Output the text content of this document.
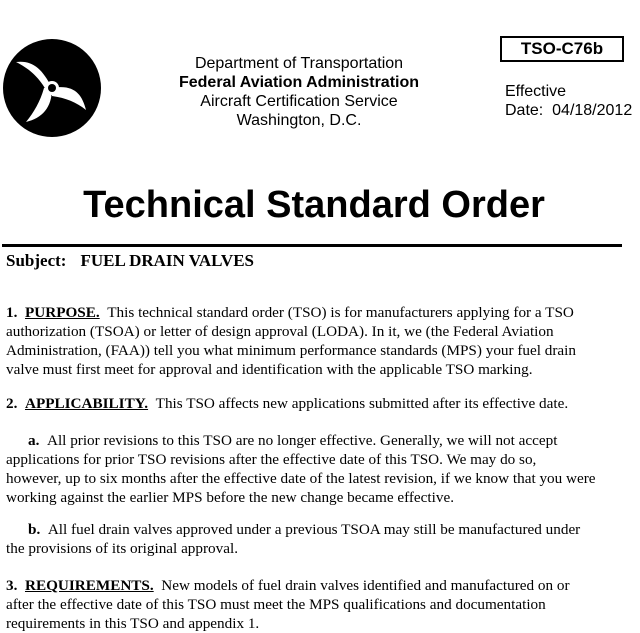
Department of Transportation
Federal Aviation Administration
Aircraft Certification Service
Washington, D.C.
TSO-C76b
Effective
Date: 04/18/2012
Technical Standard Order
Subject: FUEL DRAIN VALVES
1. PURPOSE. This technical standard order (TSO) is for manufacturers applying for a TSO
authorization (TSOA) or letter of design approval (LODA). In it, we (the Federal Aviation
Administration, (FAA)) tell you what minimum performance standards (MPS) your fuel drain
valve must first meet for approval and identification with the applicable TSO marking.
2. APPLICABILITY. This TSO affects new applications submitted after its effective date.
a. All prior revisions to this TSO are no longer effective. Generally, we will not accept
applications for prior TSO revisions after the effective date of this TSO. We may do so,
however, up to six months after the effective date of the latest revision, if we know that you were
working against the earlier MPS before the new change became effective.
b. All fuel drain valves approved under a previous TSOA may still be manufactured under
the provisions of its original approval.
3. REQUIREMENTS. New models of fuel drain valves identified and manufactured on or
after the effective date of this TSO must meet the MPS qualifications and documentation
requirements in this TSO and appendix 1.
